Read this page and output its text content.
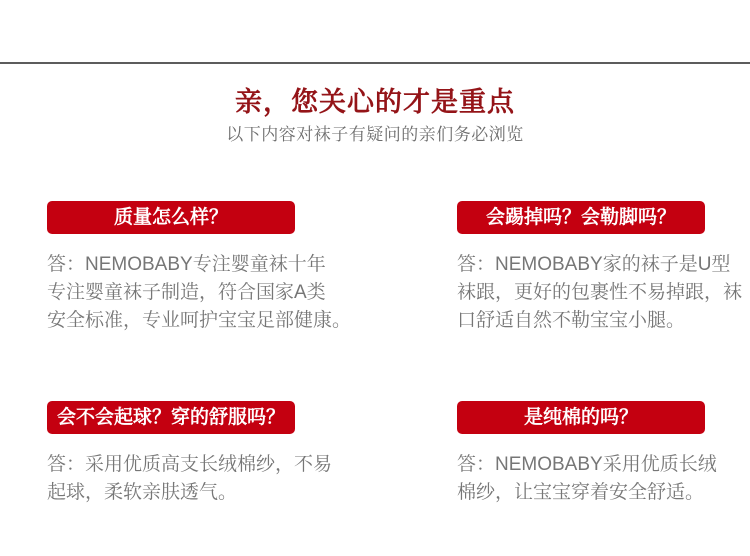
亲，您关心的才是重点
以下内容对袜子有疑问的亲们务必浏览
质量怎么样？
答：NEMOBABY专注婴童袜十年
专注婴童袜子制造，符合国家A类
安全标准，专业呵护宝宝足部健康。
会踢掉吗？会勒脚吗？
答：NEMOBABY家的袜子是U型
袜跟，更好的包裹性不易掉跟，袜
口舒适自然不勒宝宝小腿。
会不会起球？穿的舒服吗？
答：采用优质高支长绒棉纱，不易
起球，柔软亲肤透气。
是纯棉的吗？
答：NEMOBABY采用优质长绒
棉纱，让宝宝穿着安全舒适。
